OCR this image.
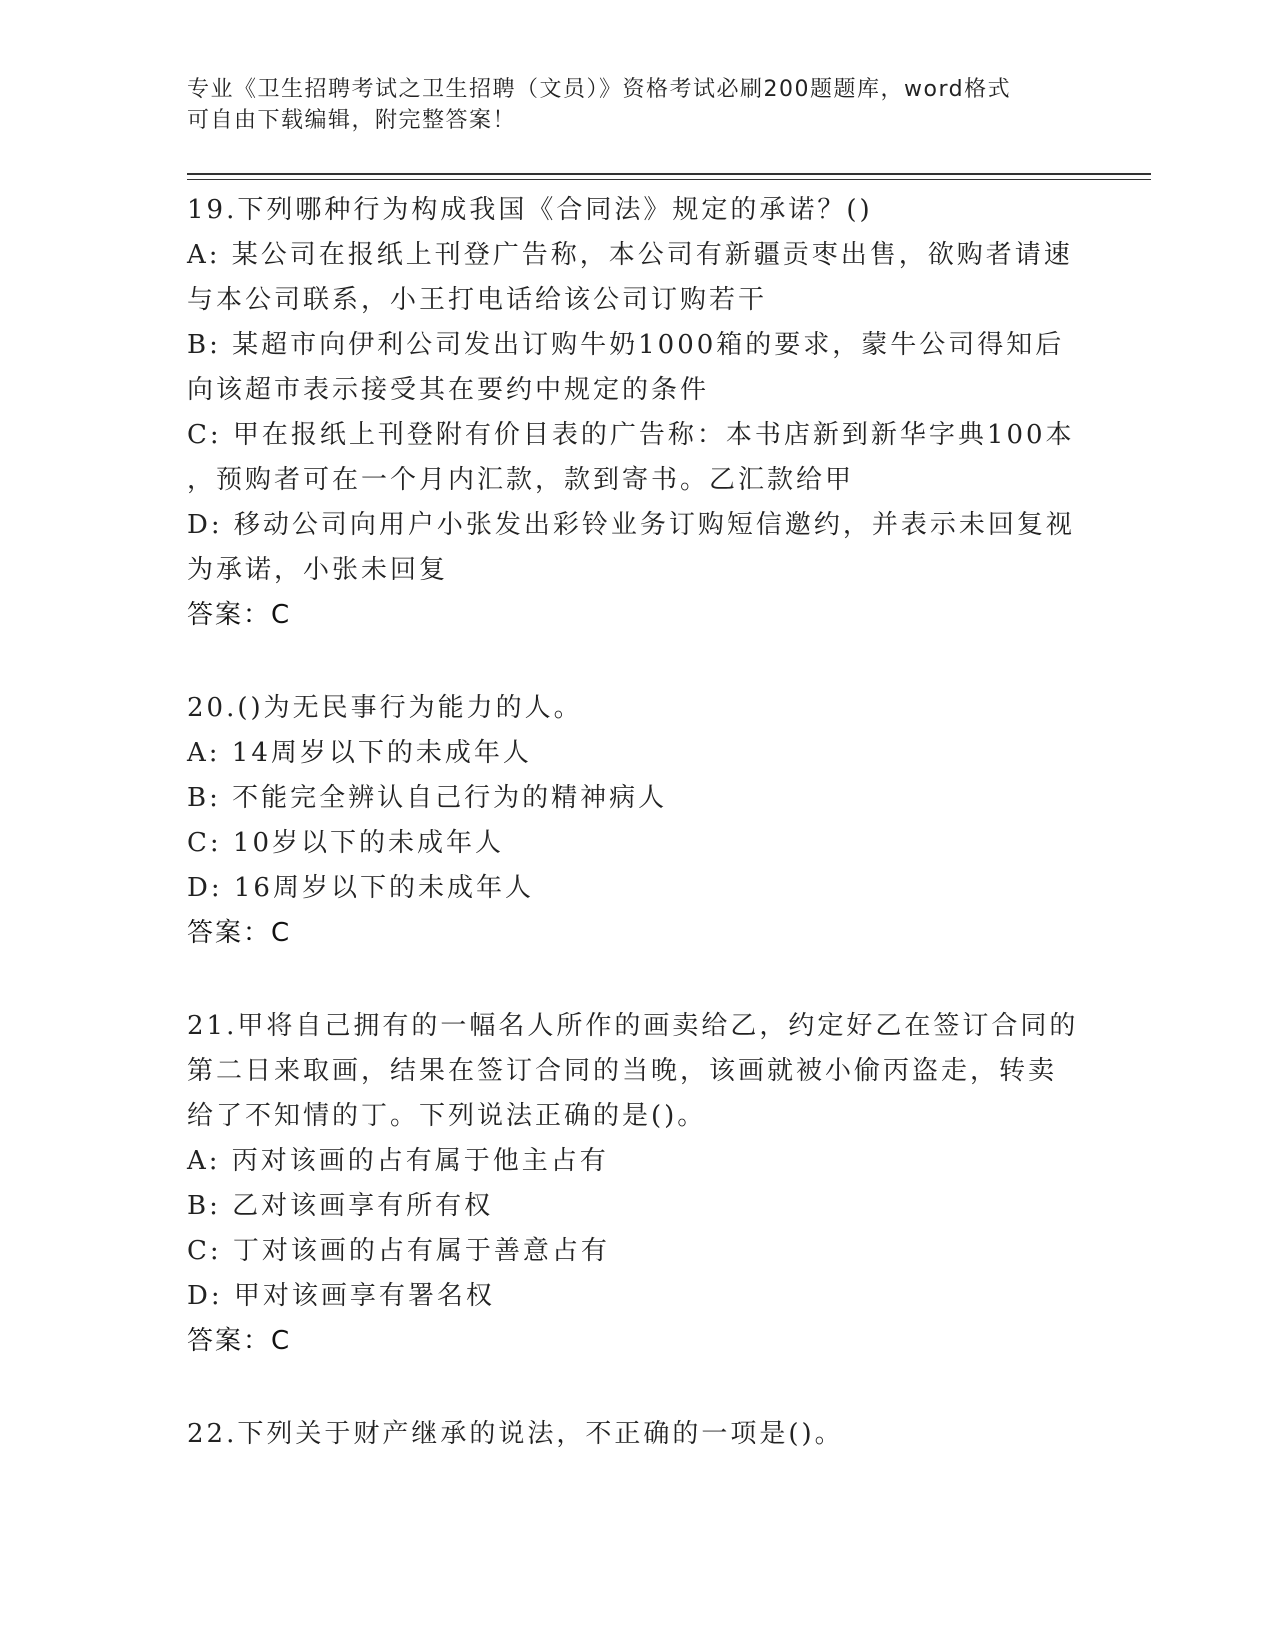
专业《卫生招聘考试之卫生招聘（文员）》资格考试必刷200题题库，word格式
可自由下载编辑，附完整答案！
19.下列哪种行为构成我国《合同法》规定的承诺？()
A: 某公司在报纸上刊登广告称，本公司有新疆贡枣出售，欲购者请速
与本公司联系，小王打电话给该公司订购若干
B: 某超市向伊利公司发出订购牛奶1000箱的要求，蒙牛公司得知后
向该超市表示接受其在要约中规定的条件
C: 甲在报纸上刊登附有价目表的广告称：本书店新到新华字典100本
，预购者可在一个月内汇款，款到寄书。乙汇款给甲
D: 移动公司向用户小张发出彩铃业务订购短信邀约，并表示未回复视
为承诺，小张未回复
答案：C
20.()为无民事行为能力的人。
A: 14周岁以下的未成年人
B: 不能完全辨认自己行为的精神病人
C: 10岁以下的未成年人
D: 16周岁以下的未成年人
答案：C
21.甲将自己拥有的一幅名人所作的画卖给乙，约定好乙在签订合同的
第二日来取画，结果在签订合同的当晚，该画就被小偷丙盗走，转卖
给了不知情的丁。下列说法正确的是()。
A: 丙对该画的占有属于他主占有
B: 乙对该画享有所有权
C: 丁对该画的占有属于善意占有
D: 甲对该画享有署名权
答案：C
22.下列关于财产继承的说法，不正确的一项是()。
